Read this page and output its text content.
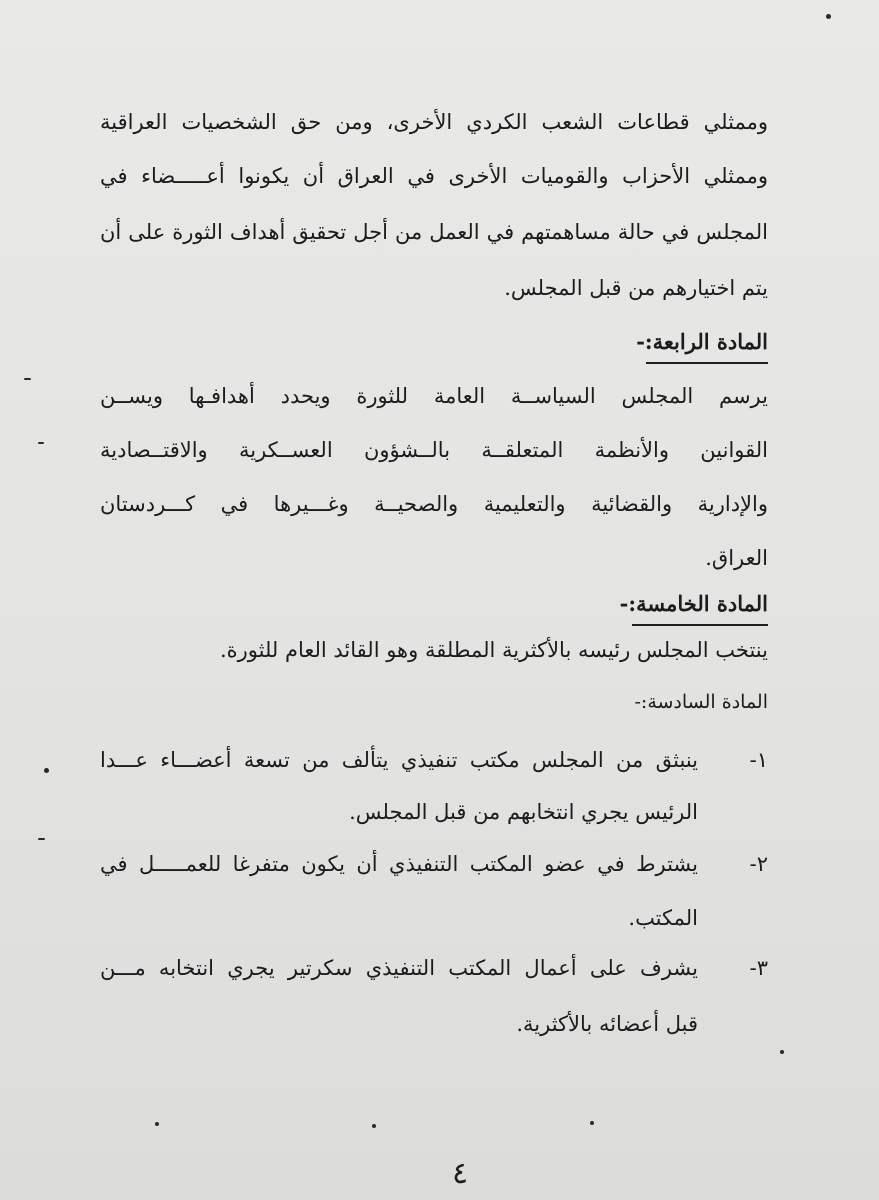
وممثلي قطاعات الشعب الكردي الأخرى، ومن حق الشخصيات العراقية
وممثلي الأحزاب والقوميات الأخرى في العراق أن يكونوا أعـــــضاء في
المجلس في حالة مساهمتهم في العمل من أجل تحقيق أهداف الثورة على أن
يتم اختيارهم من قبل المجلس.
المادة الرابعة:-
يرسم المجلس السياســة العامة للثورة ويحدد أهدافـها ويســن
القوانين والأنظمة المتعلقــة بالــشؤون العســكرية والاقتــصادية
والإدارية والقضائية والتعليمية والصحيــة وغـــيرها في كـــردستان
العراق.
المادة الخامسة:-
ينتخب المجلس رئيسه بالأكثرية المطلقة وهو القائد العام للثورة.
المادة السادسة:-
١-
ينبثق من المجلس مكتب تنفيذي يتألف من تسعة أعضـــاء عـــدا
الرئيس يجري انتخابهم من قبل المجلس.
٢-
يشترط في عضو المكتب التنفيذي أن يكون متفرغا للعمـــــل في
المكتب.
٣-
يشرف على أعمال المكتب التنفيذي سكرتير يجري انتخابه مـــن
قبل أعضائه بالأكثرية.
٤
